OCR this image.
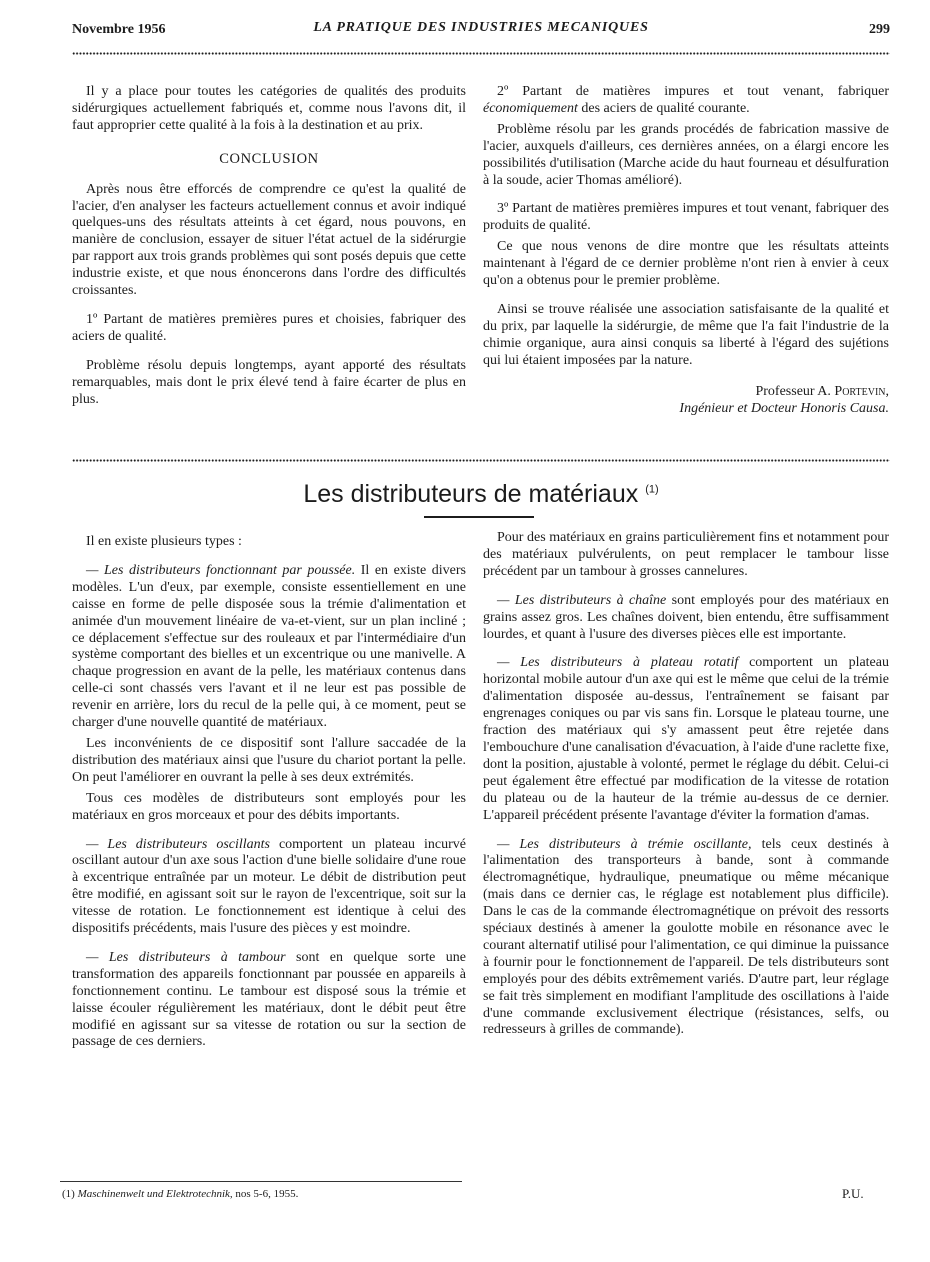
Novembre 1956	LA PRATIQUE DES INDUSTRIES MECANIQUES	299

Il y a place pour toutes les catégories de qualités des produits sidérurgiques actuellement fabriqués et, comme nous l'avons dit, il faut approprier cette qualité à la fois à la destination et au prix.

CONCLUSION

Après nous être efforcés de comprendre ce qu'est la qualité de l'acier, d'en analyser les facteurs actuellement connus et avoir indiqué quelques-uns des résultats atteints à cet égard, nous pouvons, en manière de conclusion, essayer de situer l'état actuel de la sidérurgie par rapport aux trois grands problèmes qui sont posés depuis que cette industrie existe, et que nous énoncerons dans l'ordre des difficultés croissantes.

1º Partant de matières premières pures et choisies, fabriquer des aciers de qualité.

Problème résolu depuis longtemps, ayant apporté des résultats remarquables, mais dont le prix élevé tend à faire écarter de plus en plus.

2º Partant de matières impures et tout venant, fabriquer économiquement des aciers de qualité courante.

Problème résolu par les grands procédés de fabrication massive de l'acier, auxquels d'ailleurs, ces dernières années, on a élargi encore les possibilités d'utilisation (Marche acide du haut fourneau et désulfuration à la soude, acier Thomas amélioré).

3º Partant de matières premières impures et tout venant, fabriquer des produits de qualité.

Ce que nous venons de dire montre que les résultats atteints maintenant à l'égard de ce dernier problème n'ont rien à envier à ceux qu'on a obtenus pour le premier problème.

Ainsi se trouve réalisée une association satisfaisante de la qualité et du prix, par laquelle la sidérurgie, de même que l'a fait l'industrie de la chimie organique, aura ainsi conquis sa liberté à l'égard des sujétions qui lui étaient imposées par la nature.

Professeur A. Portevin,
Ingénieur et Docteur Honoris Causa.

Les distributeurs de matériaux $^{(1)}$

Il en existe plusieurs types :

— Les distributeurs fonctionnant par poussée. Il en existe divers modèles. L'un d'eux, par exemple, consiste essentiellement en une caisse en forme de pelle disposée sous la trémie d'alimentation et animée d'un mouvement linéaire de va-et-vient, sur un plan incliné ; ce déplacement s'effectue sur des rouleaux et par l'intermédiaire d'un système comportant des bielles et un excentrique ou une manivelle. A chaque progression en avant de la pelle, les matériaux contenus dans celle-ci sont chassés vers l'avant et il ne leur est pas possible de revenir en arrière, lors du recul de la pelle qui, à ce moment, peut se charger d'une nouvelle quantité de matériaux.

Les inconvénients de ce dispositif sont l'allure saccadée de la distribution des matériaux ainsi que l'usure du chariot portant la pelle. On peut l'améliorer en ouvrant la pelle à ses deux extrémités.

Tous ces modèles de distributeurs sont employés pour les matériaux en gros morceaux et pour des débits importants.

— Les distributeurs oscillants comportent un plateau incurvé oscillant autour d'un axe sous l'action d'une bielle solidaire d'une roue à excentrique entraînée par un moteur. Le débit de distribution peut être modifié, en agissant soit sur le rayon de l'excentrique, soit sur la vitesse de rotation. Le fonctionnement est identique à celui des dispositifs précédents, mais l'usure des pièces y est moindre.

— Les distributeurs à tambour sont en quelque sorte une transformation des appareils fonctionnant par poussée en appareils à fonctionnement continu. Le tambour est disposé sous la trémie et laisse écouler régulièrement les matériaux, dont le débit peut être modifié en agissant sur sa vitesse de rotation ou sur la section de passage de ces derniers.

Pour des matériaux en grains particulièrement fins et notamment pour des matériaux pulvérulents, on peut remplacer le tambour lisse précédent par un tambour à grosses cannelures.

— Les distributeurs à chaîne sont employés pour des matériaux en grains assez gros. Les chaînes doivent, bien entendu, être suffisamment lourdes, et quant à l'usure des diverses pièces elle est importante.

— Les distributeurs à plateau rotatif comportent un plateau horizontal mobile autour d'un axe qui est le même que celui de la trémie d'alimentation disposée au-dessus, l'entraînement se faisant par engrenages coniques ou par vis sans fin. Lorsque le plateau tourne, une fraction des matériaux qui s'y amassent peut être rejetée dans l'embouchure d'une canalisation d'évacuation, à l'aide d'une raclette fixe, dont la position, ajustable à volonté, permet le réglage du débit. Celui-ci peut également être effectué par modification de la vitesse de rotation du plateau ou de la hauteur de la trémie au-dessus de ce dernier. L'appareil précédent présente l'avantage d'éviter la formation d'amas.

— Les distributeurs à trémie oscillante, tels ceux destinés à l'alimentation des transporteurs à bande, sont à commande électromagnétique, hydraulique, pneumatique ou même mécanique (mais dans ce dernier cas, le réglage est notablement plus difficile). Dans le cas de la commande électromagnétique on prévoit des ressorts spéciaux destinés à amener la goulotte mobile en résonance avec le courant alternatif utilisé pour l'alimentation, ce qui diminue la puissance à fournir pour le fonctionnement de l'appareil. De tels distributeurs sont employés pour des débits extrêmement variés. D'autre part, leur réglage se fait très simplement en modifiant l'amplitude des oscillations à l'aide d'une commande exclusivement électrique (résistances, selfs, ou redresseurs à grilles de commande).

(1) Maschinenwelt und Elektrotechnik, nos 5-6, 1955.	P.U.
